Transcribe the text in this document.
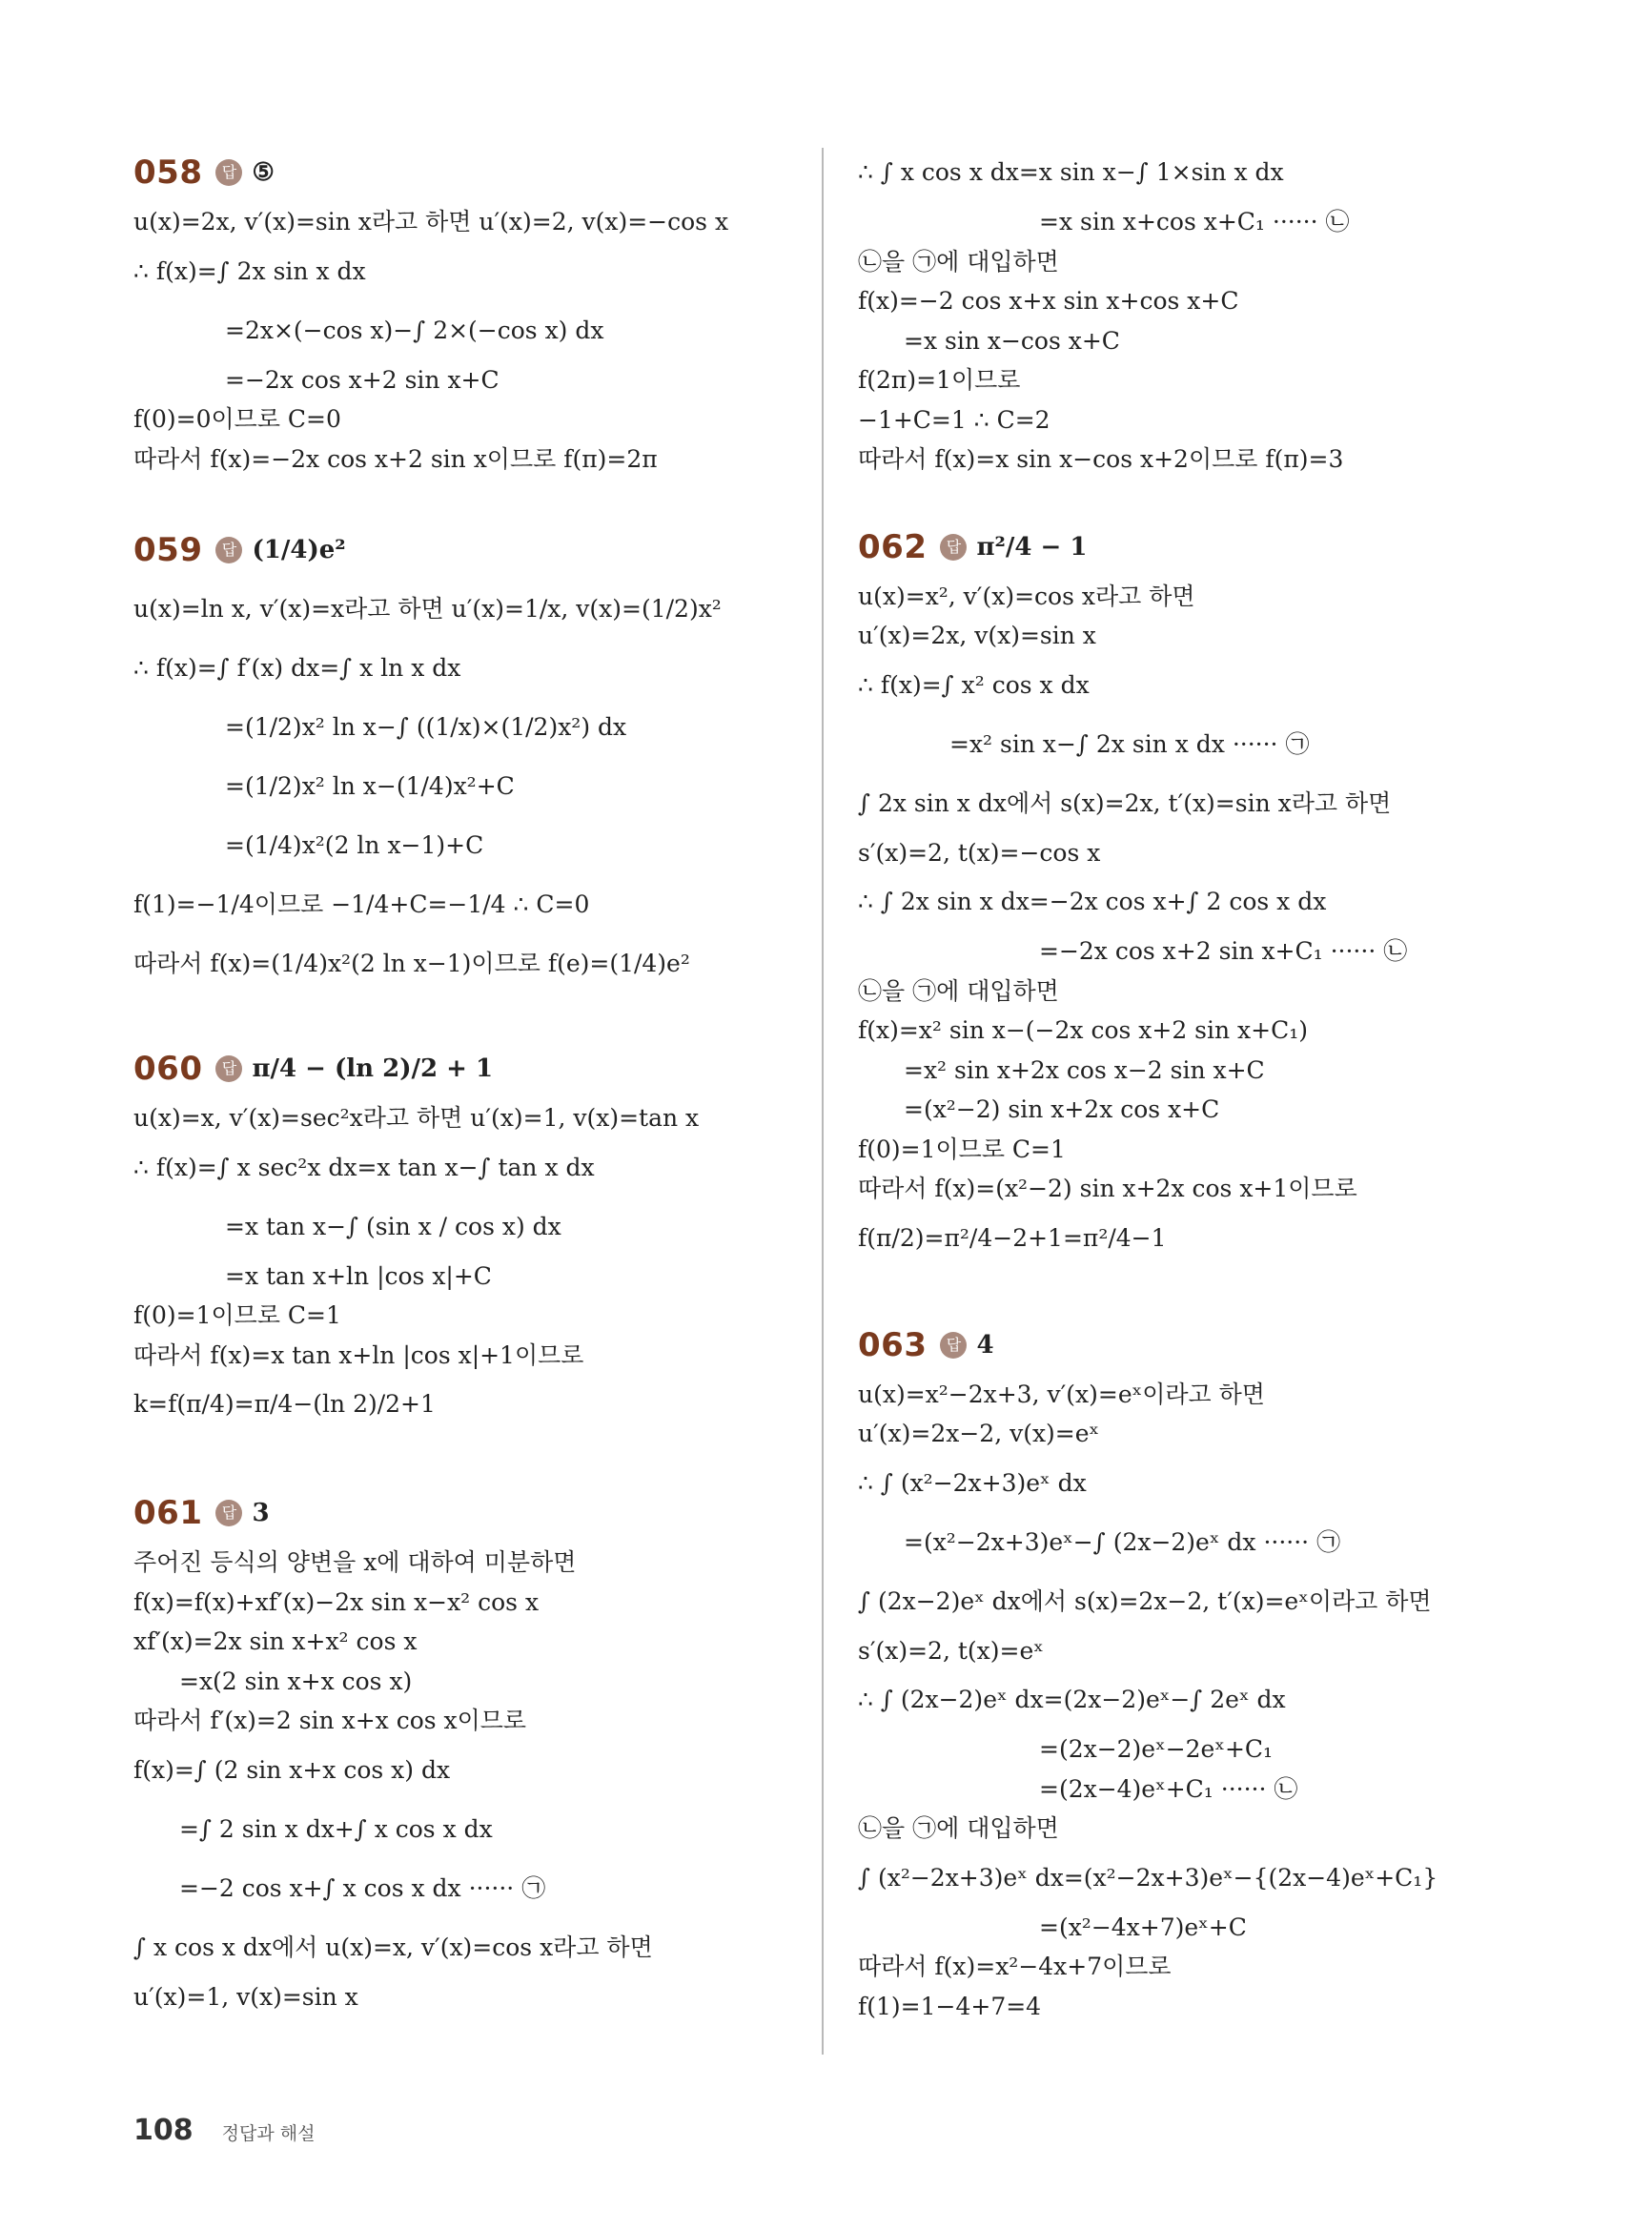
058	답 ⑤
u(x)=2x, v′(x)=sin x라고 하면 u′(x)=2, v(x)=−cos x
∴ f(x)=∫ 2x sin x dx
=2x×(−cos x)−∫ 2×(−cos x) dx
=−2x cos x+2 sin x+C
f(0)=0이므로 C=0
따라서 f(x)=−2x cos x+2 sin x이므로 f(π)=2π
059	답 (1/4)e²
u(x)=ln x, v′(x)=x라고 하면 u′(x)=1/x, v(x)=(1/2)x²
∴ f(x)=∫ f′(x) dx=∫ x ln x dx
=(1/2)x² ln x−∫ ((1/x)×(1/2)x²) dx
=(1/2)x² ln x−(1/4)x²+C
=(1/4)x²(2 ln x−1)+C
f(1)=−1/4이므로 −1/4+C=−1/4 ∴ C=0
따라서 f(x)=(1/4)x²(2 ln x−1)이므로 f(e)=(1/4)e²
060	답 π/4 − (ln 2)/2 + 1
u(x)=x, v′(x)=sec²x라고 하면 u′(x)=1, v(x)=tan x
∴ f(x)=∫ x sec²x dx=x tan x−∫ tan x dx
=x tan x−∫ (sin x / cos x) dx
=x tan x+ln |cos x|+C
f(0)=1이므로 C=1
따라서 f(x)=x tan x+ln |cos x|+1이므로
k=f(π/4)=π/4−(ln 2)/2+1
061	답 3
주어진 등식의 양변을 x에 대하여 미분하면
f(x)=f(x)+xf′(x)−2x sin x−x² cos x
xf′(x)=2x sin x+x² cos x
=x(2 sin x+x cos x)
따라서 f′(x)=2 sin x+x cos x이므로
f(x)=∫ (2 sin x+x cos x) dx
=∫ 2 sin x dx+∫ x cos x dx
=−2 cos x+∫ x cos x dx ······ ㉠
∫ x cos x dx에서 u(x)=x, v′(x)=cos x라고 하면
u′(x)=1, v(x)=sin x
∴ ∫ x cos x dx=x sin x−∫ 1×sin x dx
=x sin x+cos x+C₁ ······ ㉡
㉡을 ㉠에 대입하면
f(x)=−2 cos x+x sin x+cos x+C
=x sin x−cos x+C
f(2π)=1이므로
−1+C=1 ∴ C=2
따라서 f(x)=x sin x−cos x+2이므로 f(π)=3
062	답 π²/4 − 1
u(x)=x², v′(x)=cos x라고 하면
u′(x)=2x, v(x)=sin x
∴ f(x)=∫ x² cos x dx
=x² sin x−∫ 2x sin x dx ······ ㉠
∫ 2x sin x dx에서 s(x)=2x, t′(x)=sin x라고 하면
s′(x)=2, t(x)=−cos x
∴ ∫ 2x sin x dx=−2x cos x+∫ 2 cos x dx
=−2x cos x+2 sin x+C₁ ······ ㉡
㉡을 ㉠에 대입하면
f(x)=x² sin x−(−2x cos x+2 sin x+C₁)
=x² sin x+2x cos x−2 sin x+C
=(x²−2) sin x+2x cos x+C
f(0)=1이므로 C=1
따라서 f(x)=(x²−2) sin x+2x cos x+1이므로
f(π/2)=π²/4−2+1=π²/4−1
063	답 4
u(x)=x²−2x+3, v′(x)=eˣ이라고 하면
u′(x)=2x−2, v(x)=eˣ
∴ ∫ (x²−2x+3)eˣ dx
=(x²−2x+3)eˣ−∫ (2x−2)eˣ dx ······ ㉠
∫ (2x−2)eˣ dx에서 s(x)=2x−2, t′(x)=eˣ이라고 하면
s′(x)=2, t(x)=eˣ
∴ ∫ (2x−2)eˣ dx=(2x−2)eˣ−∫ 2eˣ dx
=(2x−2)eˣ−2eˣ+C₁
=(2x−4)eˣ+C₁ ······ ㉡
㉡을 ㉠에 대입하면
∫ (x²−2x+3)eˣ dx=(x²−2x+3)eˣ−{(2x−4)eˣ+C₁}
=(x²−4x+7)eˣ+C
따라서 f(x)=x²−4x+7이므로
f(1)=1−4+7=4
108 정답과 해설
